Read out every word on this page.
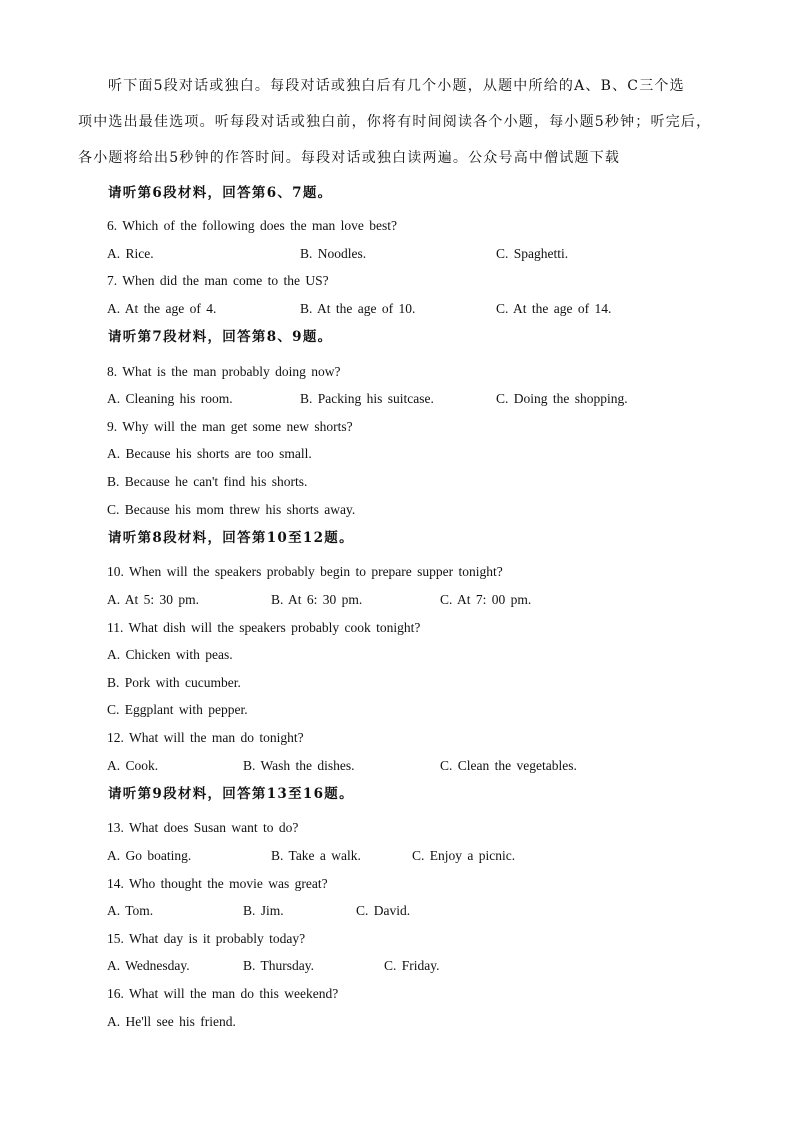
听下面5段对话或独白。每段对话或独白后有几个小题，从题中所给的A、B、C三个选

项中选出最佳选项。听每段对话或独白前，你将有时间阅读各个小题，每小题5秒钟；听完后，

各小题将给出5秒钟的作答时间。每段对话或独白读两遍。公众号高中僧试题下载

请听第6段材料，回答第6、7题。
6. Which of the following does the man love best?
A. Rice.	B. Noodles.	C. Spaghetti.
7. When did the man come to the US?
A. At the age of 4.	B. At the age of 10.	C. At the age of 14.
请听第7段材料，回答第8、9题。
8. What is the man probably doing now?
A. Cleaning his room.	B. Packing his suitcase.	C. Doing the shopping.
9. Why will the man get some new shorts?
A. Because his shorts are too small.
B. Because he can't find his shorts.
C. Because his mom threw his shorts away.
请听第8段材料，回答第10至12题。
10. When will the speakers probably begin to prepare supper tonight?
A. At 5: 30 pm.	B. At 6: 30 pm.	C. At 7: 00 pm.
11. What dish will the speakers probably cook tonight?
A. Chicken with peas.
B. Pork with cucumber.
C. Eggplant with pepper.
12. What will the man do tonight?
A. Cook.	B. Wash the dishes.	C. Clean the vegetables.
请听第9段材料，回答第13至16题。
13. What does Susan want to do?
A. Go boating.	B. Take a walk.	C. Enjoy a picnic.
14. Who thought the movie was great?
A. Tom.	B. Jim.	C. David.
15. What day is it probably today?
A. Wednesday.	B. Thursday.	C. Friday.
16. What will the man do this weekend?
A. He'll see his friend.
